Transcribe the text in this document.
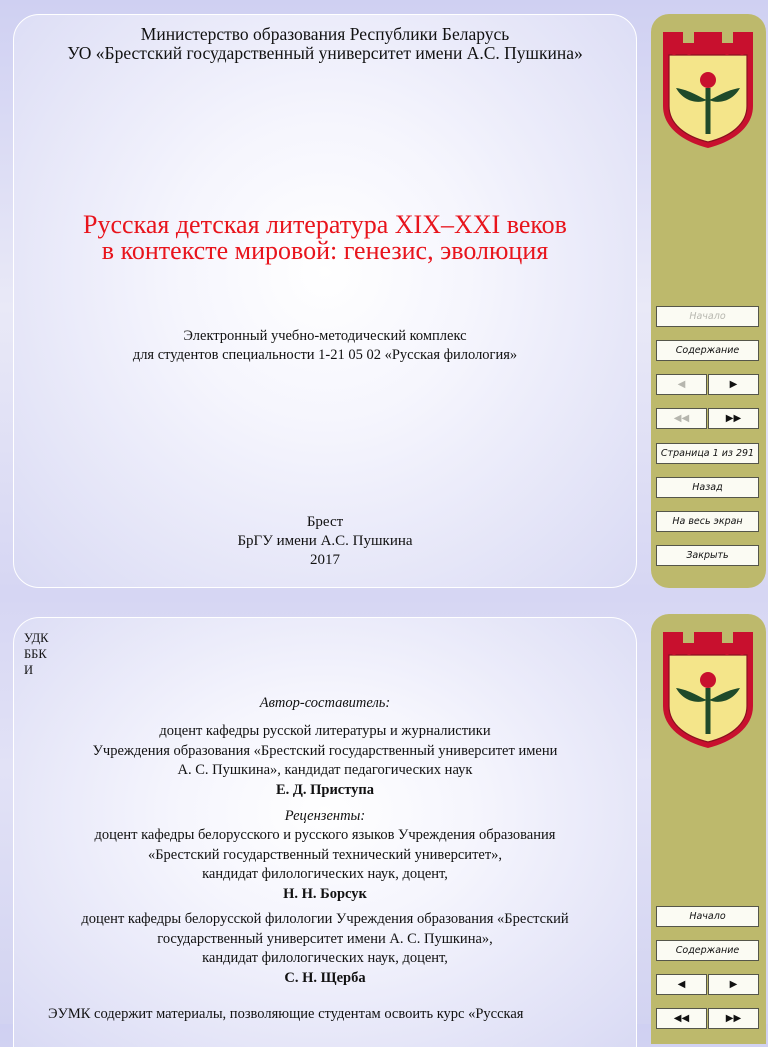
Министерство образования Республики Беларусь
УО «Брестский государственный университет имени А.С. Пушкина»
Русская детская литература XIX–XXI веков
в контексте мировой: генезис, эволюция
Электронный учебно-методический комплекс
для студентов специальности 1-21 05 02 «Русская филология»
Брест
БрГУ имени А.С. Пушкина
2017
Начало
Содержание
◀	▶
◀◀	▶▶
Страница 1 из 291
Назад
На весь экран
Закрыть
УДК
ББК
И
Автор-составитель:
доцент кафедры русской литературы и журналистики
Учреждения образования «Брестский государственный университет имени
А. С. Пушкина», кандидат педагогических наук
Е. Д. Приступа
Рецензенты:
доцент кафедры белорусского и русского языков Учреждения образования
«Брестский государственный технический университет»,
кандидат филологических наук, доцент,
Н. Н. Борсук
доцент кафедры белорусской филологии Учреждения образования «Брестский
государственный университет имени А. С. Пушкина»,
кандидат филологических наук, доцент,
С. Н. Щерба
ЭУМК содержит материалы, позволяющие студентам освоить курс «Русская
Начало
Содержание
◀	▶
◀◀	▶▶
